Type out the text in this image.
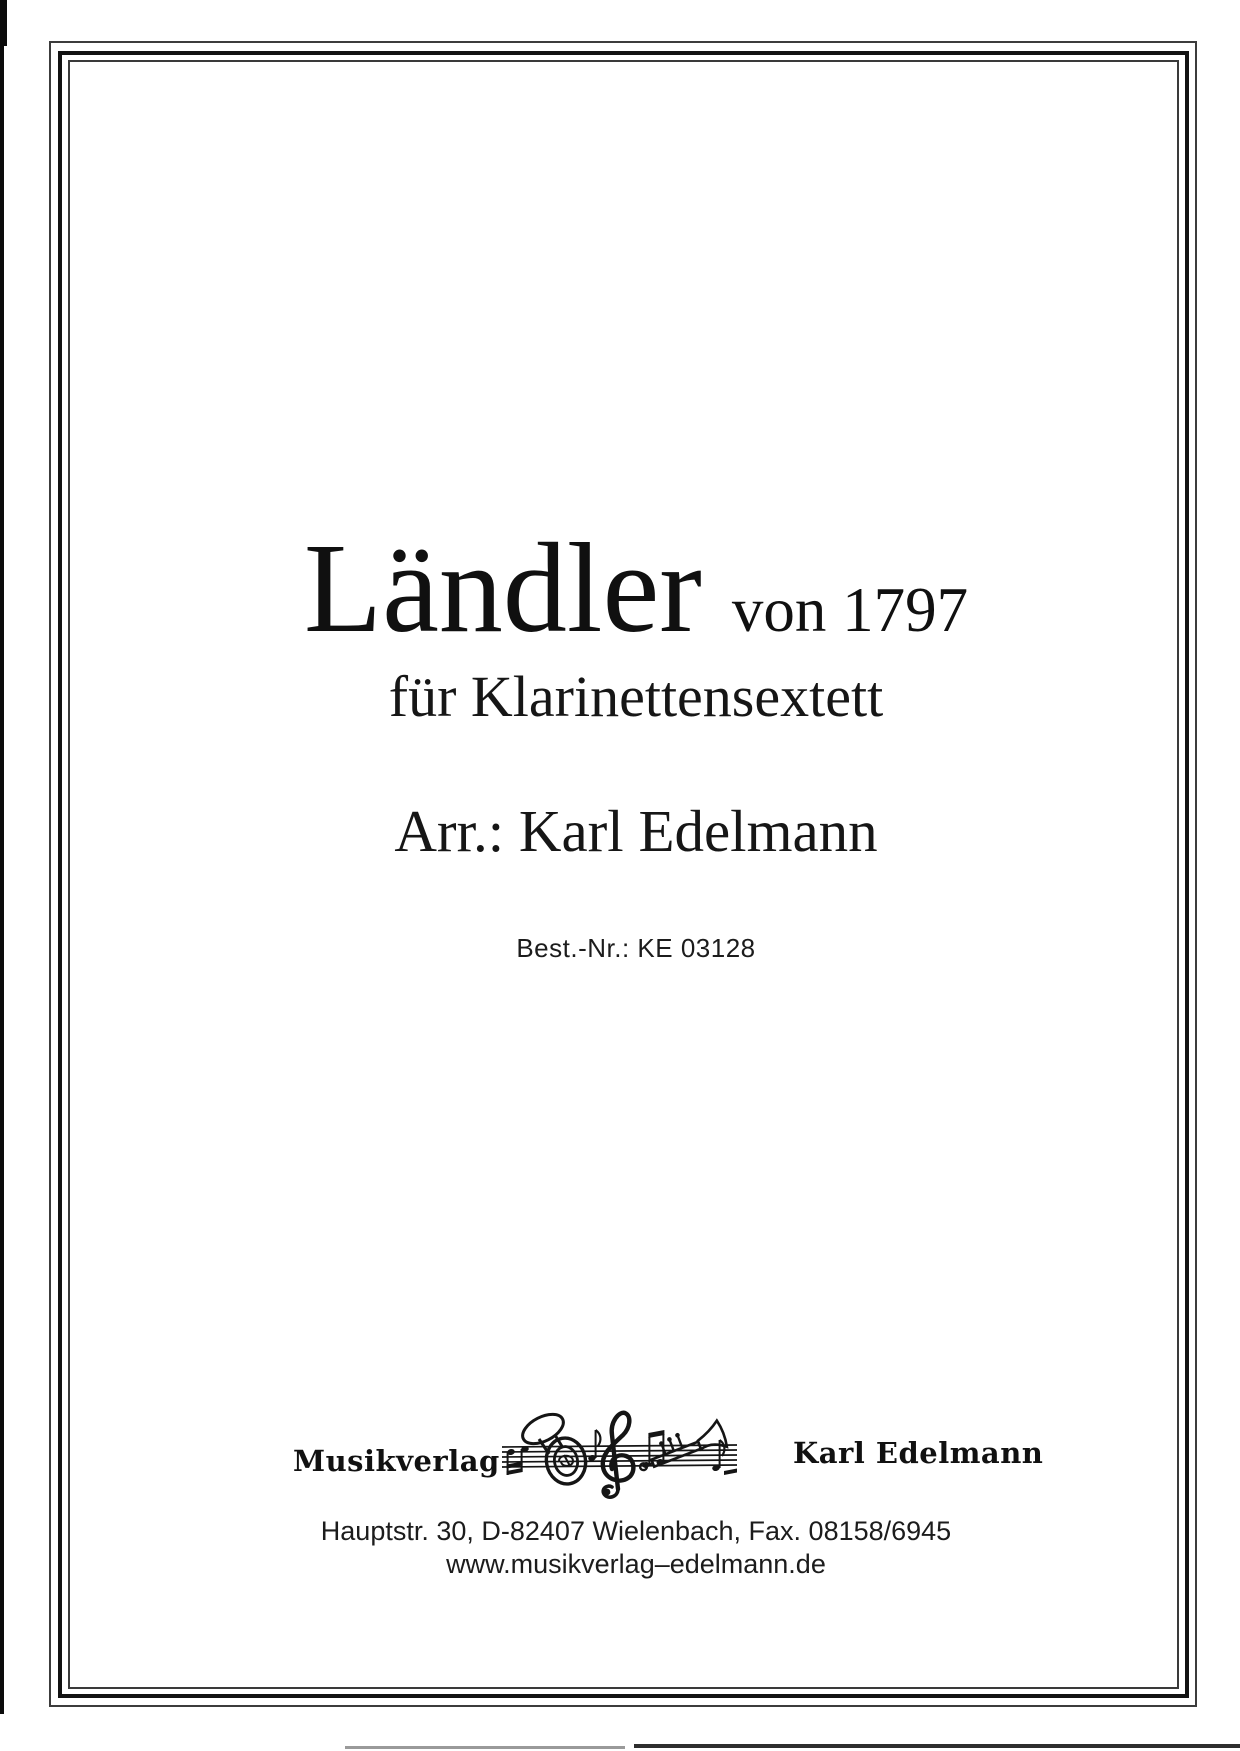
Ländler von 1797
für Klarinettensextett
Arr.: Karl Edelmann
Best.-Nr.: KE 03128
Musikverlag	Karl Edelmann
Hauptstr. 30, D-82407 Wielenbach, Fax. 08158/6945
www.musikverlag–edelmann.de
